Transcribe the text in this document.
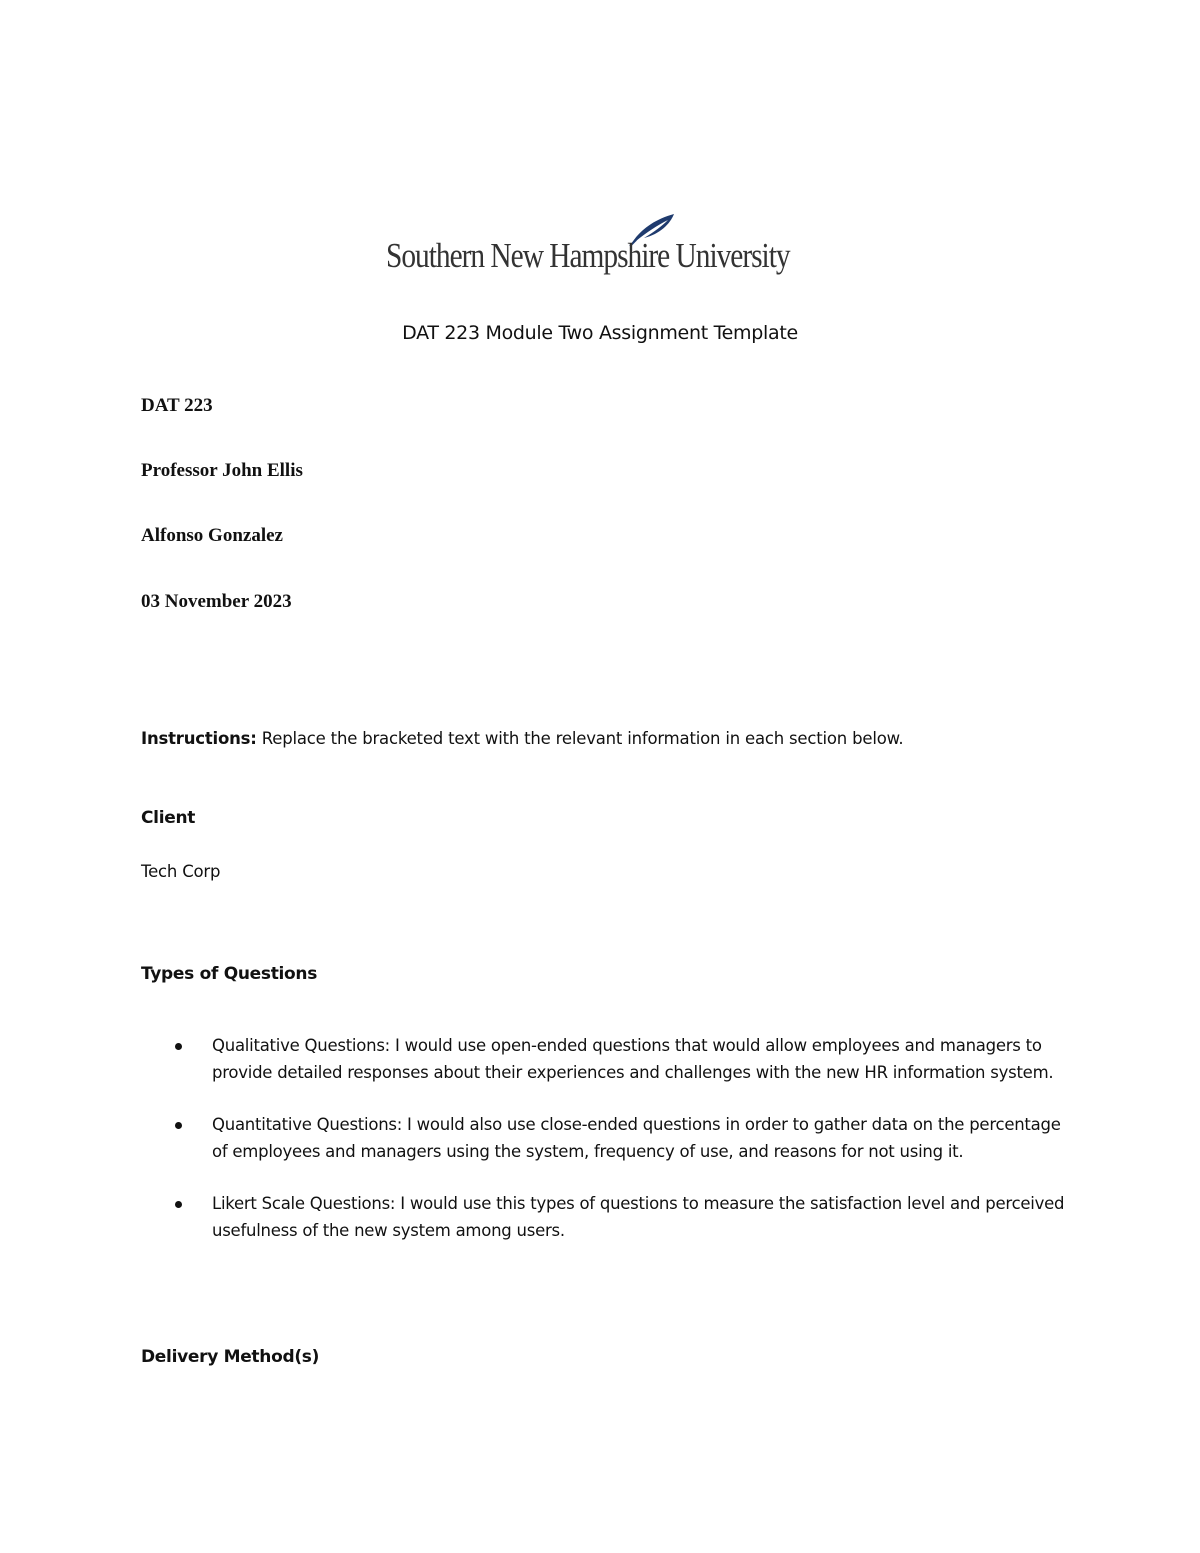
Southern New Hampshire University
DAT 223 Module Two Assignment Template
DAT 223
Professor John Ellis
Alfonso Gonzalez
03 November 2023
Instructions: Replace the bracketed text with the relevant information in each section below.
Client
Tech Corp
Types of Questions
Qualitative Questions: I would use open-ended questions that would allow employees and managers to provide detailed responses about their experiences and challenges with the new HR information system.
Quantitative Questions: I would also use close-ended questions in order to gather data on the percentage of employees and managers using the system, frequency of use, and reasons for not using it.
Likert Scale Questions: I would use this types of questions to measure the satisfaction level and perceived usefulness of the new system among users.
Delivery Method(s)
